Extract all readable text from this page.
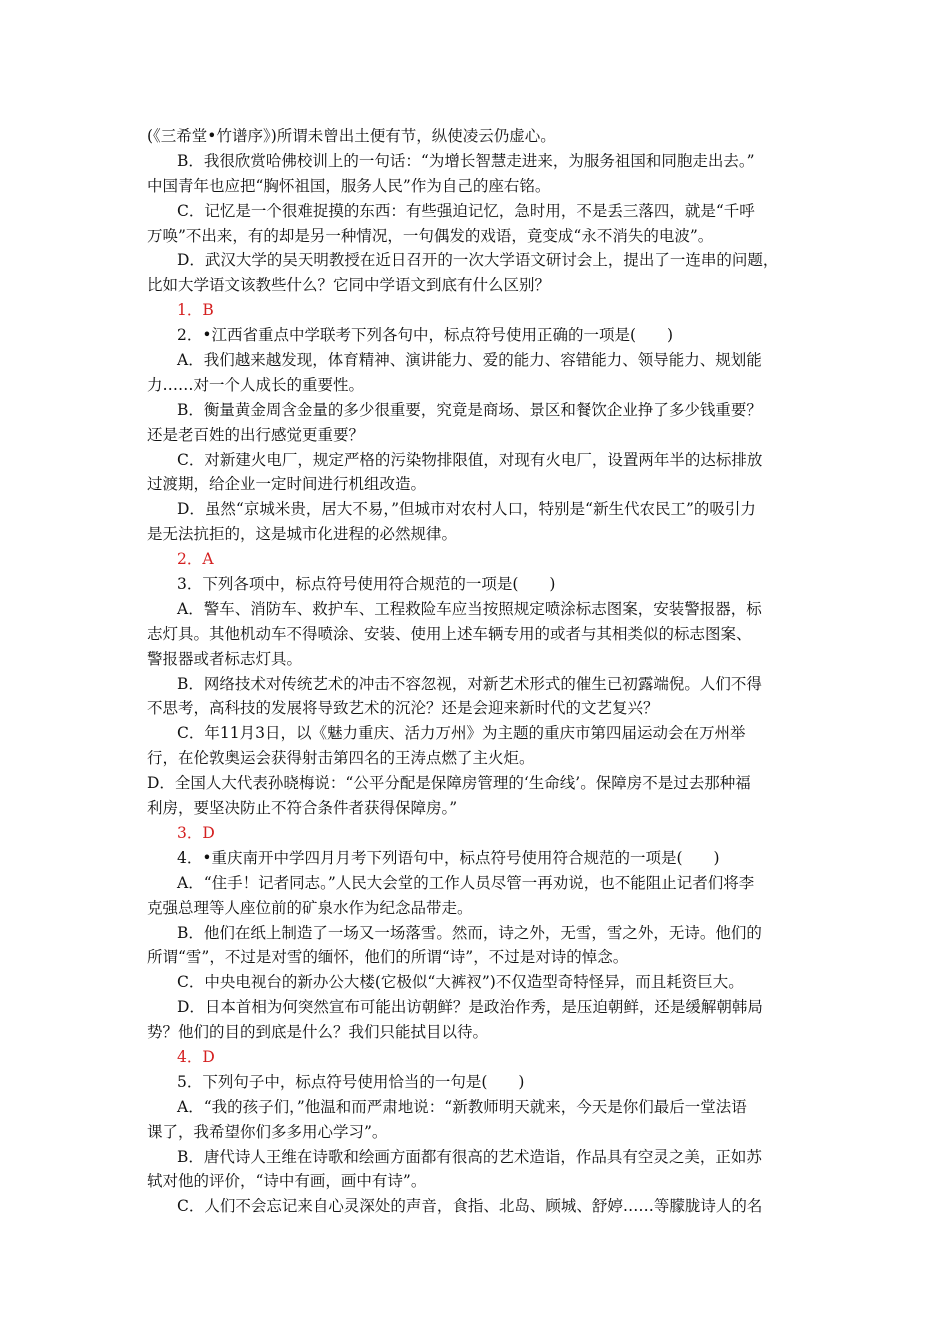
(《三希堂•竹谱序》)所谓未曾出土便有节，纵使凌云仍虚心。
B．我很欣赏哈佛校训上的一句话：“为增长智慧走进来，为服务祖国和同胞走出去。”
中国青年也应把“胸怀祖国，服务人民”作为自己的座右铭。
C．记忆是一个很难捉摸的东西：有些强迫记忆，急时用，不是丢三落四，就是“千呼
万唤”不出来，有的却是另一种情况，一句偶发的戏语，竟变成“永不消失的电波”。
D．武汉大学的吴天明教授在近日召开的一次大学语文研讨会上，提出了一连串的问题，
比如大学语文该教些什么？它同中学语文到底有什么区别？
1．B
2．•江西省重点中学联考下列各句中，标点符号使用正确的一项是(　　)
A．我们越来越发现，体育精神、演讲能力、爱的能力、容错能力、领导能力、规划能
力……对一个人成长的重要性。
B．衡量黄金周含金量的多少很重要，究竟是商场、景区和餐饮企业挣了多少钱重要？
还是老百姓的出行感觉更重要？
C．对新建火电厂，规定严格的污染物排限值，对现有火电厂，设置两年半的达标排放
过渡期，给企业一定时间进行机组改造。
D．虽然“京城米贵，居大不易，”但城市对农村人口，特别是“新生代农民工”的吸引力
是无法抗拒的，这是城市化进程的必然规律。
2．A
3．下列各项中，标点符号使用符合规范的一项是(　　)
A．警车、消防车、救护车、工程救险车应当按照规定喷涂标志图案，安装警报器，标
志灯具。其他机动车不得喷涂、安装、使用上述车辆专用的或者与其相类似的标志图案、
警报器或者标志灯具。
B．网络技术对传统艺术的冲击不容忽视，对新艺术形式的催生已初露端倪。人们不得
不思考，高科技的发展将导致艺术的沉沦？还是会迎来新时代的文艺复兴？
C．年11月3日，以《魅力重庆、活力万州》为主题的重庆市第四届运动会在万州举
行，在伦敦奥运会获得射击第四名的王涛点燃了主火炬。
D．全国人大代表孙晓梅说：“公平分配是保障房管理的‘生命线’。保障房不是过去那种福
利房，要坚决防止不符合条件者获得保障房。”
3．D
4．•重庆南开中学四月月考下列语句中，标点符号使用符合规范的一项是(　　)
A．“住手！记者同志。”人民大会堂的工作人员尽管一再劝说，也不能阻止记者们将李
克强总理等人座位前的矿泉水作为纪念品带走。
B．他们在纸上制造了一场又一场落雪。然而，诗之外，无雪，雪之外，无诗。他们的
所谓“雪”，不过是对雪的缅怀，他们的所谓“诗”，不过是对诗的悼念。
C．中央电视台的新办公大楼(它极似“大裤衩”)不仅造型奇特怪异，而且耗资巨大。
D．日本首相为何突然宣布可能出访朝鲜？是政治作秀，是压迫朝鲜，还是缓解朝韩局
势？他们的目的到底是什么？我们只能拭目以待。
4．D
5．下列句子中，标点符号使用恰当的一句是(　　)
A．“我的孩子们，”他温和而严肃地说：“新教师明天就来，今天是你们最后一堂法语
课了，我希望你们多多用心学习”。
B．唐代诗人王维在诗歌和绘画方面都有很高的艺术造诣，作品具有空灵之美，正如苏
轼对他的评价，“诗中有画，画中有诗”。
C．人们不会忘记来自心灵深处的声音，食指、北岛、顾城、舒婷……等朦胧诗人的名
